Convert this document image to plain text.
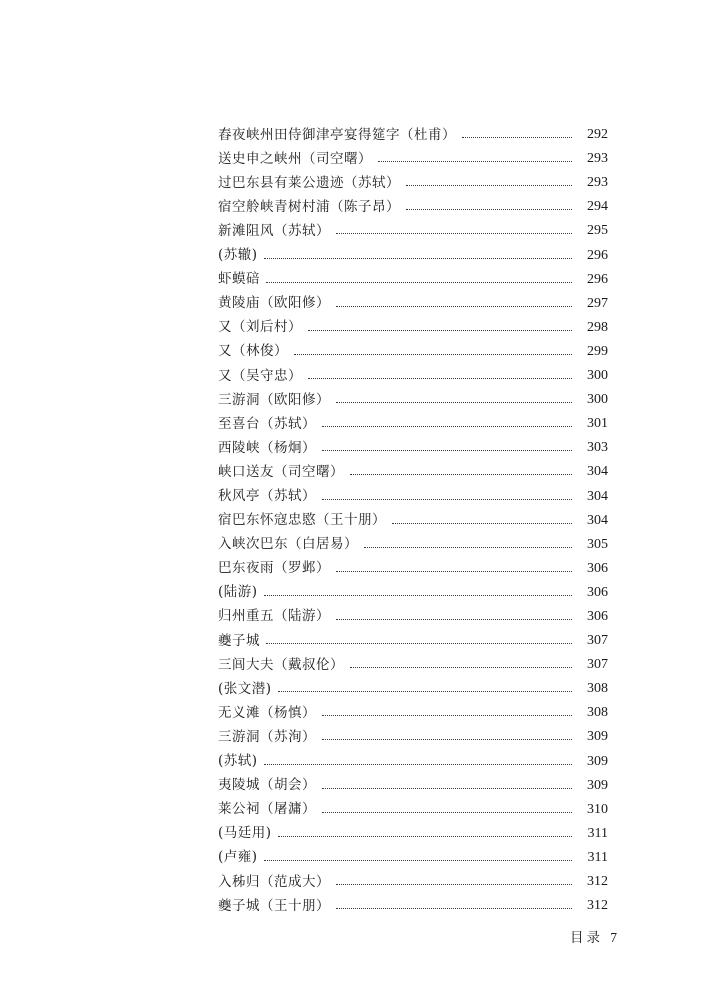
舂夜峡州田侍御津亭宴得筵字（杜甫）	292
送史申之峡州（司空曙）	293
过巴东县有莱公遗迹（苏轼）	293
宿空舲峡青树村浦（陈子昂）	294
新滩阻风（苏轼）	295
(苏辙)	296
虾蟆碚	296
黄陵庙（欧阳修）	297
又（刘后村）	298
又（林俊）	299
又（吴守忠）	300
三游洞（欧阳修）	300
至喜台（苏轼）	301
西陵峡（杨炯）	303
峡口送友（司空曙）	304
秋风亭（苏轼）	304
宿巴东怀寇忠愍（王十朋）	304
入峡次巴东（白居易）	305
巴东夜雨（罗邺）	306
(陆游)	306
归州重五（陆游）	306
夔子城	307
三闾大夫（戴叔伦）	307
(张文潜)	308
无义滩（杨慎）	308
三游洞（苏洵）	309
(苏轼)	309
夷陵城（胡会）	309
莱公祠（屠滽）	310
(马廷用)	311
(卢雍)	311
入秭归（范成大）	312
夔子城（王十朋）	312
目录 7
